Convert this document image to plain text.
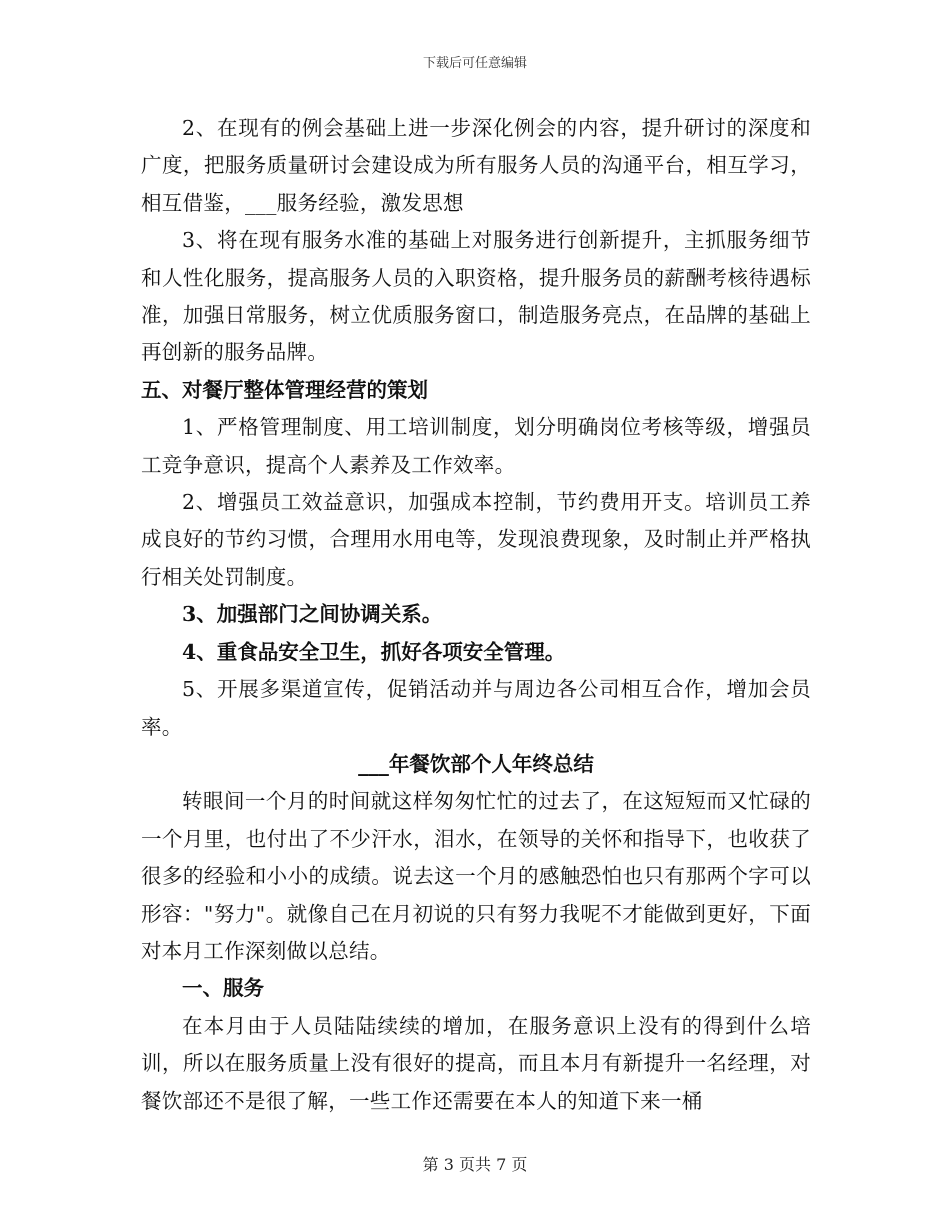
下载后可任意编辑

2、在现有的例会基础上进一步深化例会的内容，提升研讨的深度和广度，把服务质量研讨会建设成为所有服务人员的沟通平台，相互学习，相互借鉴，___服务经验，激发思想

3、将在现有服务水准的基础上对服务进行创新提升，主抓服务细节和人性化服务，提高服务人员的入职资格，提升服务员的薪酬考核待遇标准，加强日常服务，树立优质服务窗口，制造服务亮点，在品牌的基础上再创新的服务品牌。

五、对餐厅整体管理经营的策划

1、严格管理制度、用工培训制度，划分明确岗位考核等级，增强员工竞争意识，提高个人素养及工作效率。

2、增强员工效益意识，加强成本控制，节约费用开支。培训员工养成良好的节约习惯，合理用水用电等，发现浪费现象，及时制止并严格执行相关处罚制度。

3、加强部门之间协调关系。

4、重食品安全卫生，抓好各项安全管理。

5、开展多渠道宣传，促销活动并与周边各公司相互合作，增加会员率。

___年餐饮部个人年终总结

转眼间一个月的时间就这样匆匆忙忙的过去了，在这短短而又忙碌的一个月里，也付出了不少汗水，泪水，在领导的关怀和指导下，也收获了很多的经验和小小的成绩。说去这一个月的感触恐怕也只有那两个字可以形容："努力"。就像自己在月初说的只有努力我呢不才能做到更好，下面对本月工作深刻做以总结。

一、服务

在本月由于人员陆陆续续的增加，在服务意识上没有的得到什么培训，所以在服务质量上没有很好的提高，而且本月有新提升一名经理，对餐饮部还不是很了解，一些工作还需要在本人的知道下来一桶

第 3 页共 7 页
